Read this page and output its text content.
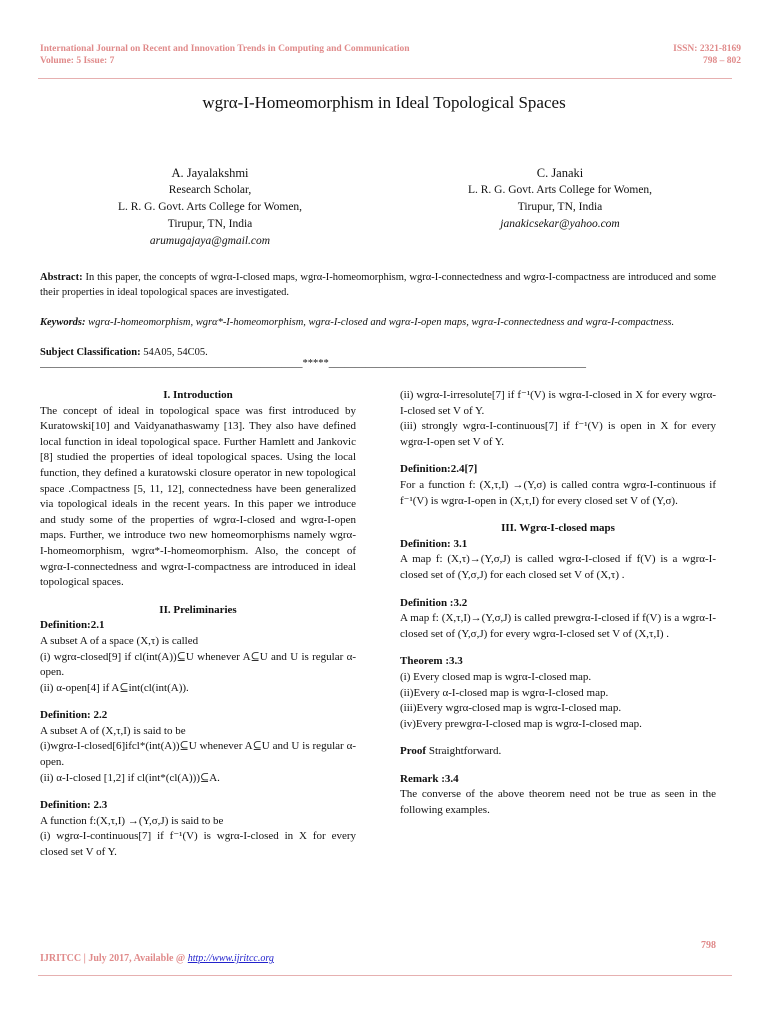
International Journal on Recent and Innovation Trends in Computing and Communication
Volume: 5 Issue: 7
ISSN: 2321-8169
798 – 802
wgrα-I-Homeomorphism in Ideal Topological Spaces
A. Jayalakshmi
Research Scholar,
L. R. G. Govt. Arts College for Women,
Tirupur, TN, India
arumugajaya@gmail.com
C. Janaki
L. R. G. Govt. Arts College for Women,
Tirupur, TN, India
janakicsekar@yahoo.com
Abstract: In this paper, the concepts of wgrα-I-closed maps, wgrα-I-homeomorphism, wgrα-I-connectedness and wgrα-I-compactness are introduced and some their properties in ideal topological spaces are investigated.
Keywords: wgrα-I-homeomorphism, wgrα*-I-homeomorphism, wgrα-I-closed and wgrα-I-open maps, wgrα-I-connectedness and wgrα-I-compactness.
Subject Classification: 54A05, 54C05.
__________________________________________________*****_________________________________________________

I. Introduction

The concept of ideal in topological space was first introduced by Kuratowski[10] and Vaidyanathaswamy [13]. They also have defined local function in ideal topological space. Further Hamlett and Jankovic [8] studied the properties of ideal topological spaces. Using the local function, they defined a kuratowski closure operator in new topological space .Compactness [5, 11, 12], connectedness have been generalized via topological ideals in the recent years. In this paper we introduce and study some of the properties of wgrα-I-closed and wgrα-I-open maps. Further, we introduce two new homeomorphisms namely wgrα-I-homeomorphism, wgrα*-I-homeomorphism. Also, the concept of wgrα-I-connectedness and wgrα-I-compactness are introduced in ideal topological spaces.

II. Preliminaries

Definition:2.1

A subset A of a space (X,τ) is called

(i) wgrα-closed[9] if cl(int(A))⊆U whenever A⊆U and U is regular α-open.

(ii) α-open[4] if A⊆int(cl(int(A)).

Definition: 2.2

A subset A of (X,τ,I) is said to be

(i)wgrα-I-closed[6]ifcl*(int(A))⊆U whenever A⊆U and U is regular α-open.

(ii) α-I-closed [1,2] if cl(int*(cl(A)))⊆A.

Definition: 2.3

A function f:(X,τ,I) →(Y,σ,J) is said to be

(i) wgrα-I-continuous[7] if f⁻¹(V) is wgrα-I-closed in X for every closed set V of Y.

(ii) wgrα-I-irresolute[7] if f⁻¹(V) is wgrα-I-closed in X for every wgrα-I-closed set V of Y.

(iii) strongly wgrα-I-continuous[7] if f⁻¹(V) is open in X for every wgrα-I-open set V of Y.

Definition:2.4[7]

For a function f: (X,τ,I) →(Y,σ) is called contra wgrα-I-continuous if f⁻¹(V) is wgrα-I-open in (X,τ,I) for every closed set V of (Y,σ).

III. Wgrα-I-closed maps

Definition: 3.1

A map f: (X,τ)→(Y,σ,J) is called wgrα-I-closed if f(V) is a wgrα-I-closed set of (Y,σ,J) for each closed set V of (X,τ) .

Definition :3.2

A map f: (X,τ,I)→(Y,σ,J) is called prewgrα-I-closed if f(V) is a wgrα-I-closed set of (Y,σ,J) for every wgrα-I-closed set V of (X,τ,I) .

Theorem :3.3

(i) Every closed map is wgrα-I-closed map.

(ii)Every α-I-closed map is wgrα-I-closed map.

(iii)Every wgrα-closed map is wgrα-I-closed map.

(iv)Every prewgrα-I-closed map is wgrα-I-closed map.

Proof Straightforward.

Remark :3.4

The converse of the above theorem need not be true as seen in the following examples.

798
IJRITCC | July 2017, Available @ http://www.ijritcc.org
